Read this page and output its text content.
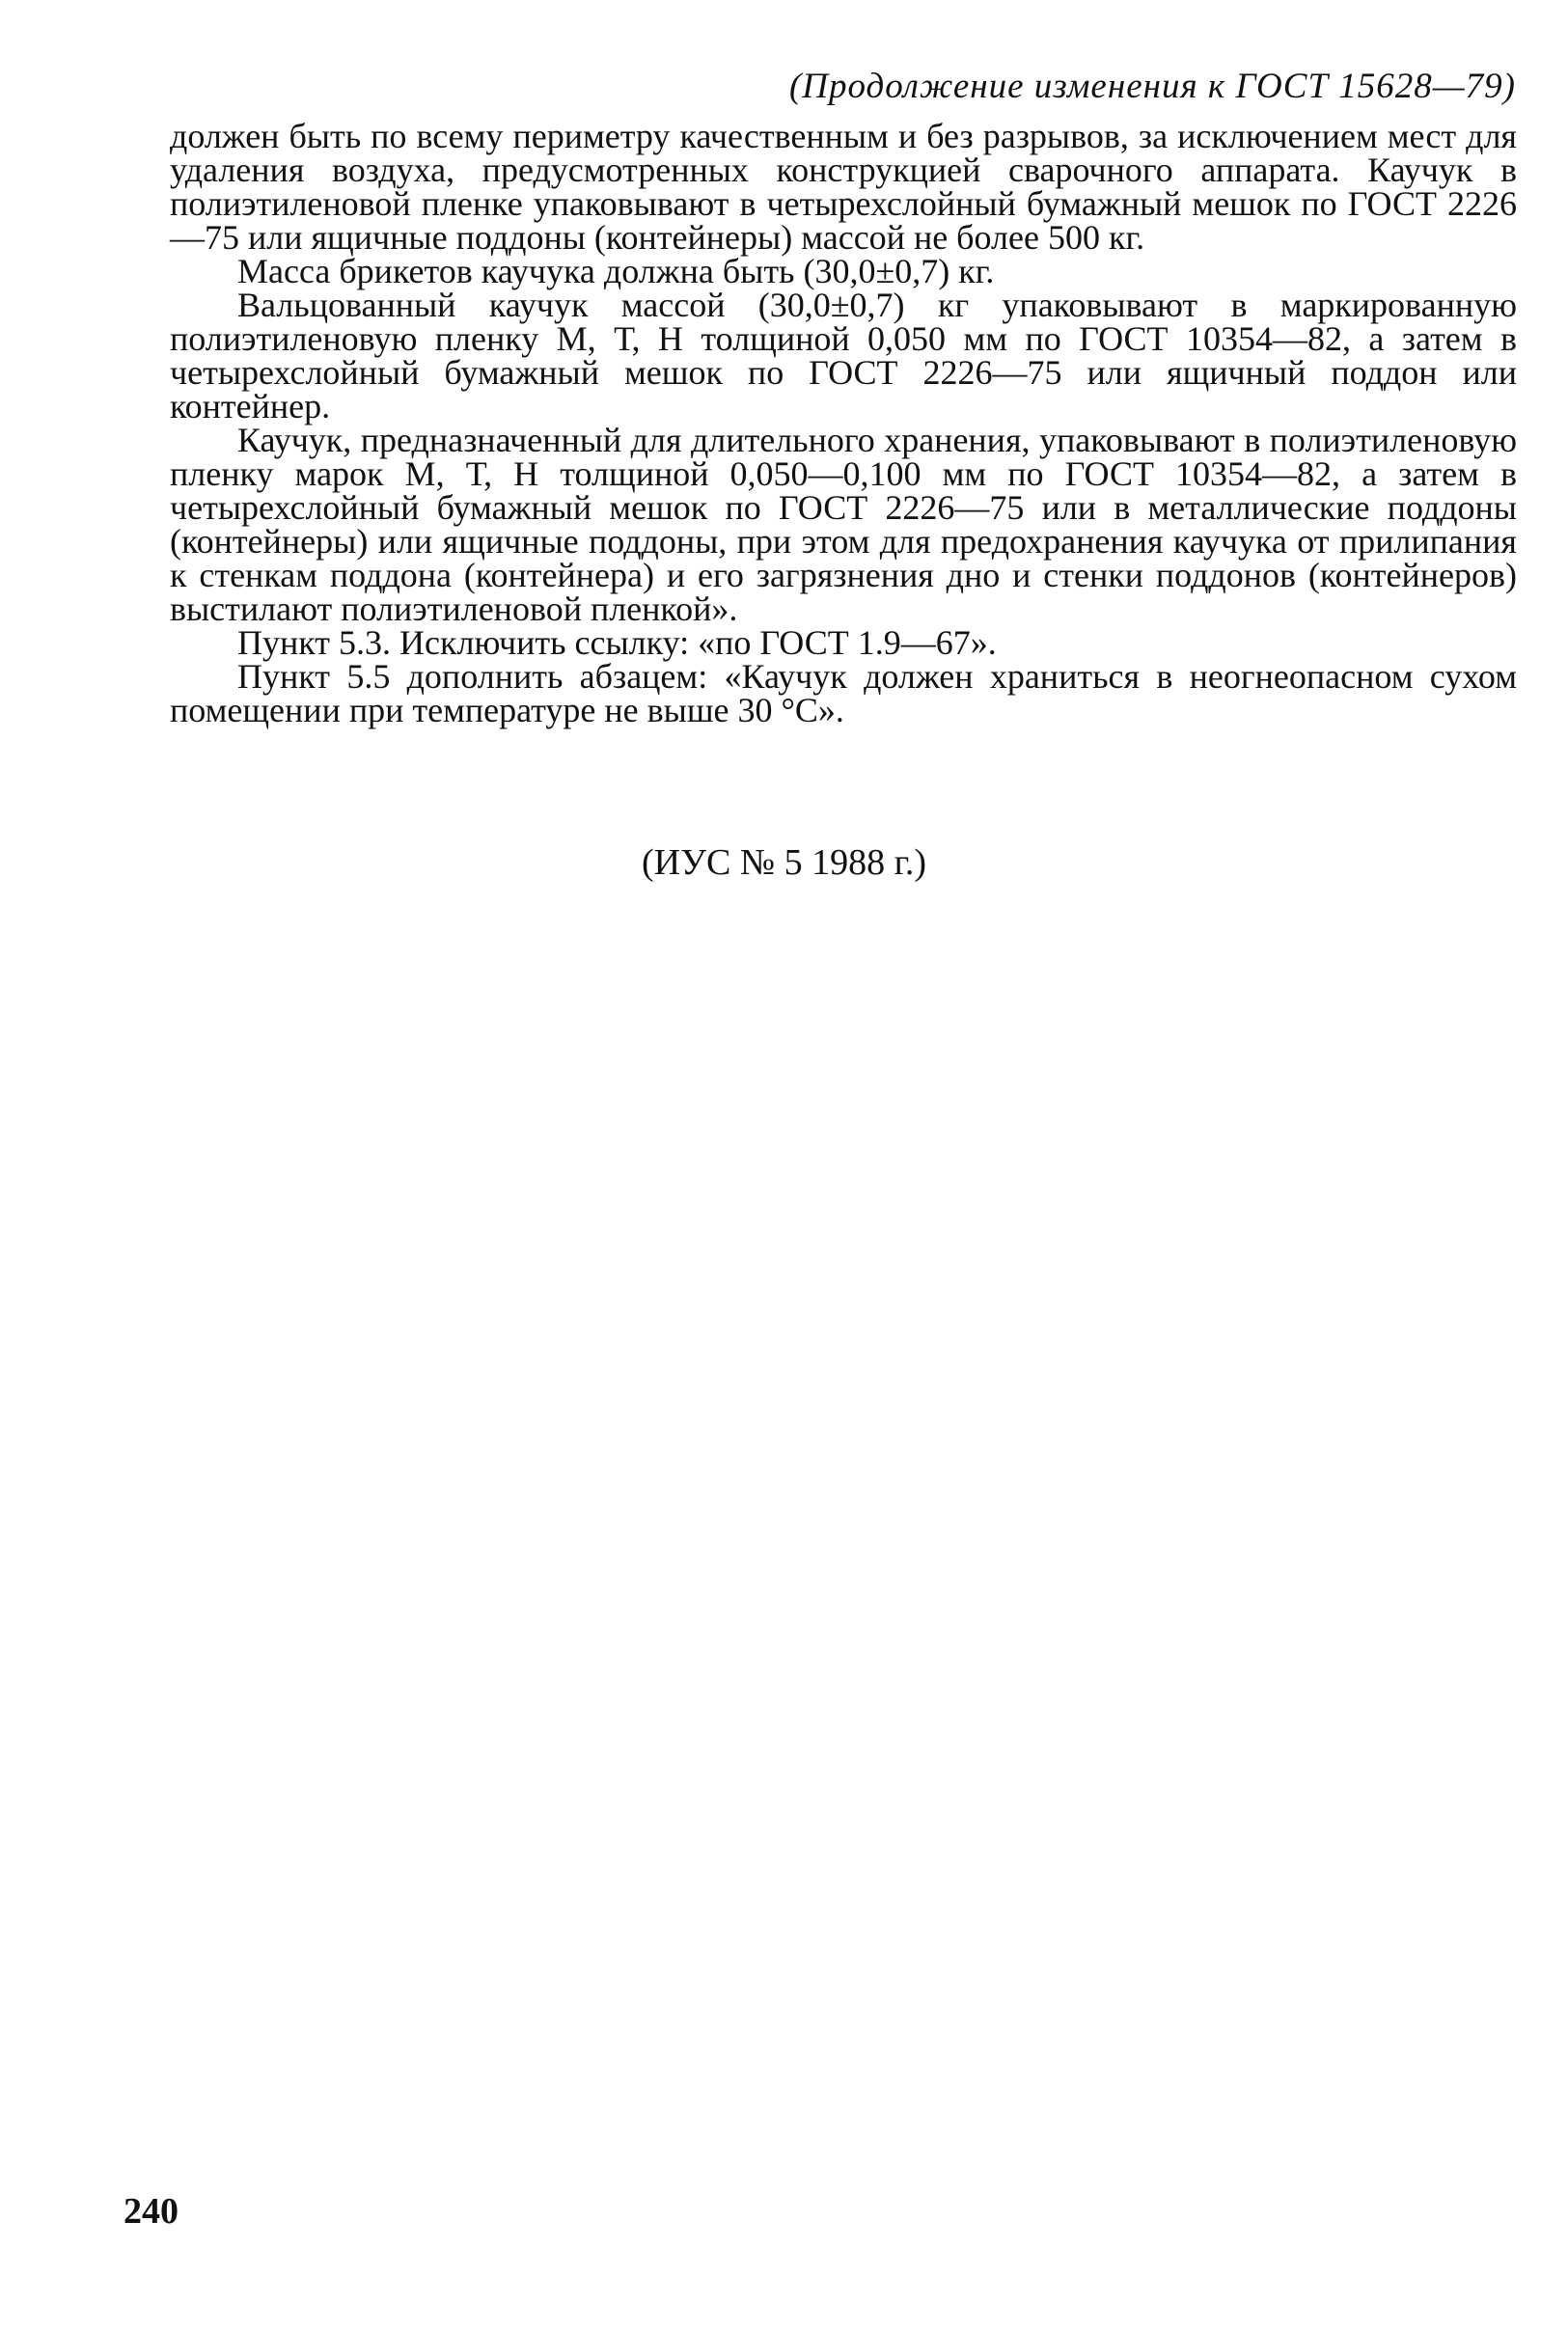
(Продолжение изменения к ГОСТ 15628—79)

должен быть по всему периметру качественным и без разрывов, за исключением мест для удаления воздуха, предусмотренных конструкцией сварочного аппарата. Каучук в полиэтиленовой пленке упаковывают в четырехслойный бумажный мешок по ГОСТ 2226—75 или ящичные поддоны (контейнеры) массой не более 500 кг.

Масса брикетов каучука должна быть (30,0±0,7) кг.

Вальцованный каучук массой (30,0±0,7) кг упаковывают в маркированную полиэтиленовую пленку М, Т, Н толщиной 0,050 мм по ГОСТ 10354—82, а затем в четырехслойный бумажный мешок по ГОСТ 2226—75 или ящичный поддон или контейнер.

Каучук, предназначенный для длительного хранения, упаковывают в полиэтиленовую пленку марок М, Т, Н толщиной 0,050—0,100 мм по ГОСТ 10354—82, а затем в четырехслойный бумажный мешок по ГОСТ 2226—75 или в металлические поддоны (контейнеры) или ящичные поддоны, при этом для предохранения каучука от прилипания к стенкам поддона (контейнера) и его загрязнения дно и стенки поддонов (контейнеров) выстилают полиэтиленовой пленкой».

Пункт 5.3. Исключить ссылку: «по ГОСТ 1.9—67».

Пункт 5.5 дополнить абзацем: «Каучук должен храниться в неогнеопасном сухом помещении при температуре не выше 30 °С».

(ИУС № 5 1988 г.)
240
